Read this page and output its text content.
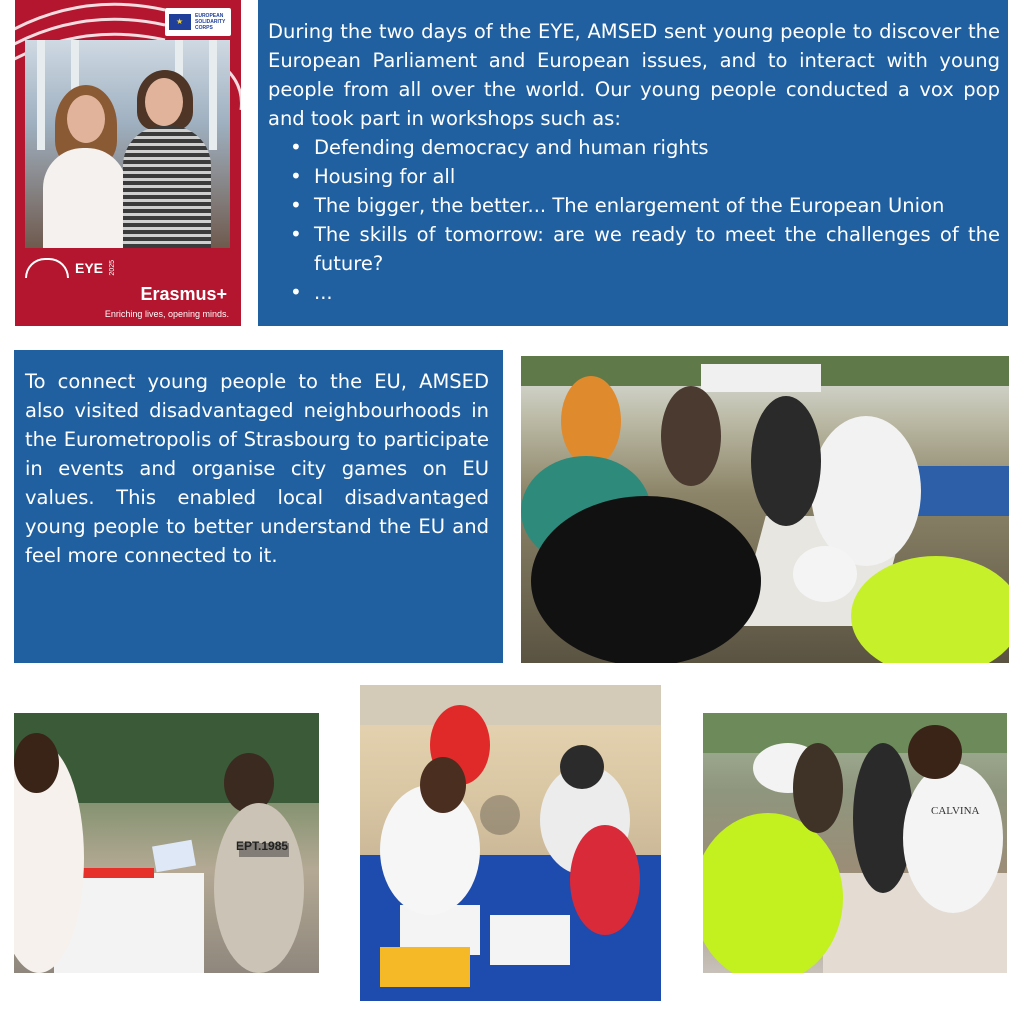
★
EUROPEAN SOLIDARITY CORPS
EYE 2025
Erasmus+
Enriching lives, opening minds.

During the two days of the EYE, AMSED sent young people to discover the European Parliament and European issues, and to interact with young people from all over the world. Our young people conducted a vox pop and took part in workshops such as:

• Defending democracy and human rights
• Housing for all
• The bigger, the better... The enlargement of the European Union
• The skills of tomorrow: are we ready to meet the challenges of the future?
• ...

To connect young people to the EU, AMSED also visited disadvantaged neighbourhoods in the Eurometropolis of Strasbourg to participate in events and organise city games on EU values. This enabled local disadvantaged young people to better understand the EU and feel more connected to it.

EPT.1985
CALVINA
